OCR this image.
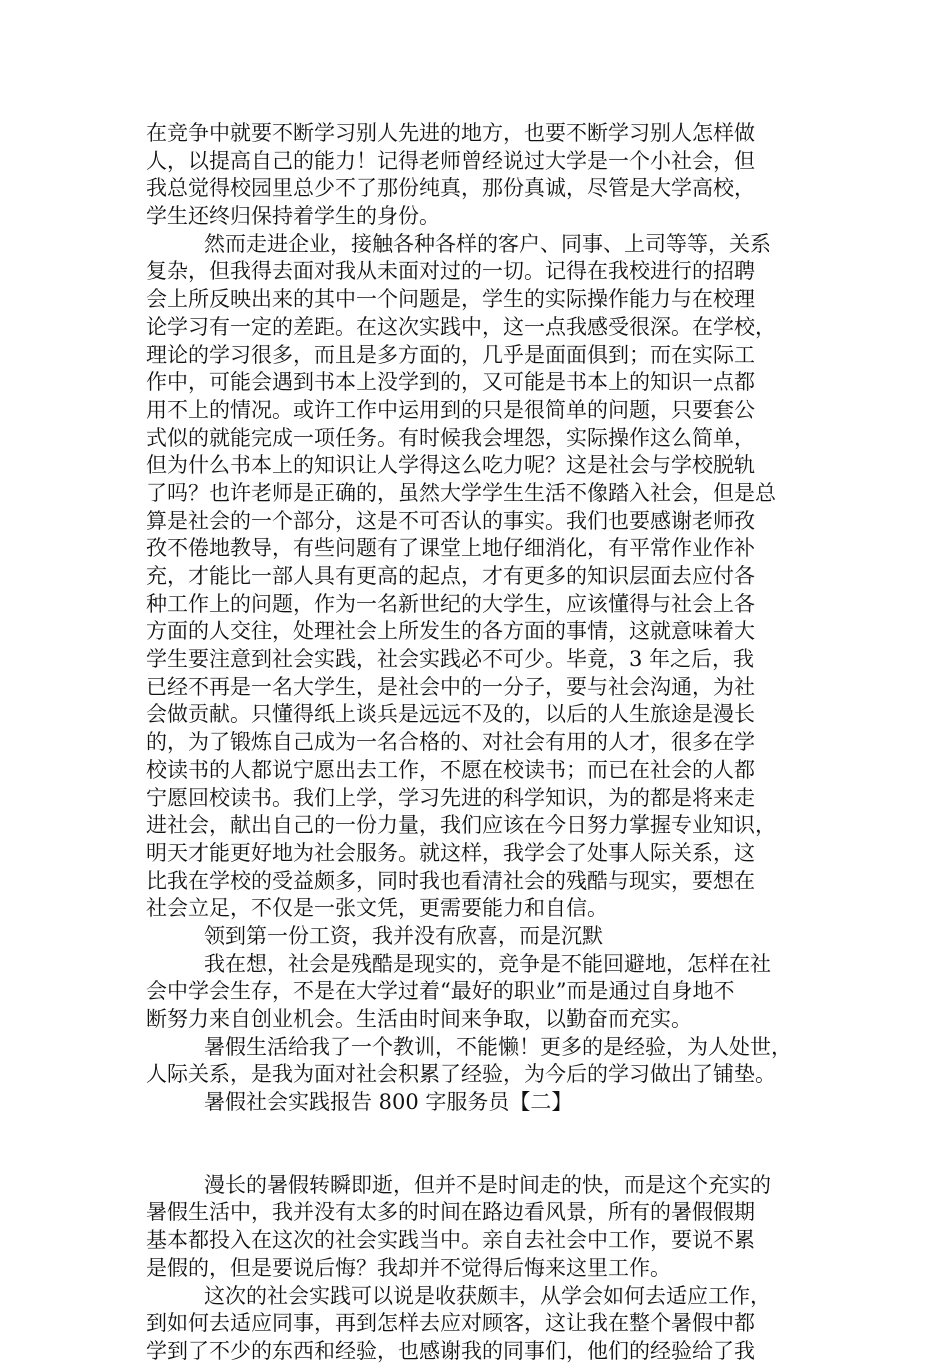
在竞争中就要不断学习别人先进的地方，也要不断学习别人怎样做
人，以提高自己的能力！记得老师曾经说过大学是一个小社会，但
我总觉得校园里总少不了那份纯真，那份真诚，尽管是大学高校，
学生还终归保持着学生的身份。
然而走进企业，接触各种各样的客户、同事、上司等等，关系
复杂，但我得去面对我从未面对过的一切。记得在我校进行的招聘
会上所反映出来的其中一个问题是，学生的实际操作能力与在校理
论学习有一定的差距。在这次实践中，这一点我感受很深。在学校，
理论的学习很多，而且是多方面的，几乎是面面俱到；而在实际工
作中，可能会遇到书本上没学到的，又可能是书本上的知识一点都
用不上的情况。或许工作中运用到的只是很简单的问题，只要套公
式似的就能完成一项任务。有时候我会埋怨，实际操作这么简单，
但为什么书本上的知识让人学得这么吃力呢？这是社会与学校脱轨
了吗？也许老师是正确的，虽然大学学生生活不像踏入社会，但是总
算是社会的一个部分，这是不可否认的事实。我们也要感谢老师孜
孜不倦地教导，有些问题有了课堂上地仔细消化，有平常作业作补
充，才能比一部人具有更高的起点，才有更多的知识层面去应付各
种工作上的问题，作为一名新世纪的大学生，应该懂得与社会上各
方面的人交往，处理社会上所发生的各方面的事情，这就意味着大
学生要注意到社会实践，社会实践必不可少。毕竟，3 年之后，我
已经不再是一名大学生，是社会中的一分子，要与社会沟通，为社
会做贡献。只懂得纸上谈兵是远远不及的，以后的人生旅途是漫长
的，为了锻炼自己成为一名合格的、对社会有用的人才，很多在学
校读书的人都说宁愿出去工作，不愿在校读书；而已在社会的人都
宁愿回校读书。我们上学，学习先进的科学知识，为的都是将来走
进社会，献出自己的一份力量，我们应该在今日努力掌握专业知识，
明天才能更好地为社会服务。就这样，我学会了处事人际关系，这
比我在学校的受益颇多，同时我也看清社会的残酷与现实，要想在
社会立足，不仅是一张文凭，更需要能力和自信。
领到第一份工资，我并没有欣喜，而是沉默
我在想，社会是残酷是现实的，竞争是不能回避地，怎样在社
会中学会生存，不是在大学过着“最好的职业”而是通过自身地不
断努力来自创业机会。生活由时间来争取，以勤奋而充实。
暑假生活给我了一个教训，不能懒！更多的是经验，为人处世，
人际关系，是我为面对社会积累了经验，为今后的学习做出了铺垫。
暑假社会实践报告 800 字服务员【二】
漫长的暑假转瞬即逝，但并不是时间走的快，而是这个充实的
暑假生活中，我并没有太多的时间在路边看风景，所有的暑假假期
基本都投入在这次的社会实践当中。亲自去社会中工作，要说不累
是假的，但是要说后悔？我却并不觉得后悔来这里工作。
这次的社会实践可以说是收获颇丰，从学会如何去适应工作，
到如何去适应同事，再到怎样去应对顾客，这让我在整个暑假中都
学到了不少的东西和经验，也感谢我的同事们，他们的经验给了我
